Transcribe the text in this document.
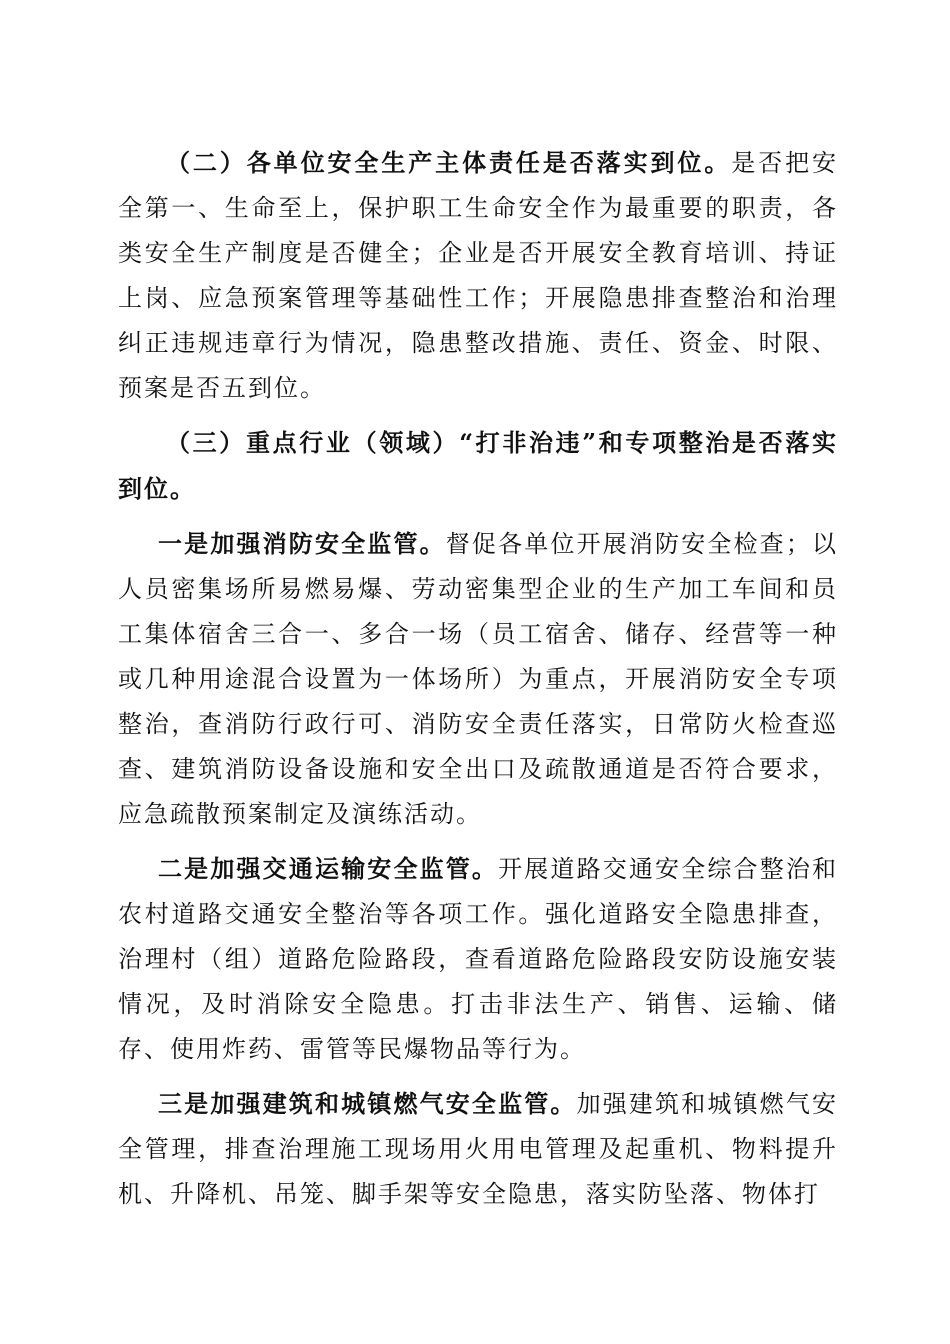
（二）各单位安全生产主体责任是否落实到位。是否把安全第一、生命至上，保护职工生命安全作为最重要的职责，各类安全生产制度是否健全；企业是否开展安全教育培训、持证上岗、应急预案管理等基础性工作；开展隐患排查整治和治理纠正违规违章行为情况，隐患整改措施、责任、资金、时限、预案是否五到位。

（三）重点行业（领域）“打非治违”和专项整治是否落实到位。

一是加强消防安全监管。督促各单位开展消防安全检查；以人员密集场所易燃易爆、劳动密集型企业的生产加工车间和员工集体宿舍三合一、多合一场（员工宿舍、储存、经营等一种或几种用途混合设置为一体场所）为重点，开展消防安全专项整治，查消防行政行可、消防安全责任落实，日常防火检查巡查、建筑消防设备设施和安全出口及疏散通道是否符合要求，应急疏散预案制定及演练活动。

二是加强交通运输安全监管。开展道路交通安全综合整治和农村道路交通安全整治等各项工作。强化道路安全隐患排查，治理村（组）道路危险路段，查看道路危险路段安防设施安装情况，及时消除安全隐患。打击非法生产、销售、运输、储存、使用炸药、雷管等民爆物品等行为。

三是加强建筑和城镇燃气安全监管。加强建筑和城镇燃气安全管理，排查治理施工现场用火用电管理及起重机、物料提升机、升降机、吊笼、脚手架等安全隐患，落实防坠落、物体打
